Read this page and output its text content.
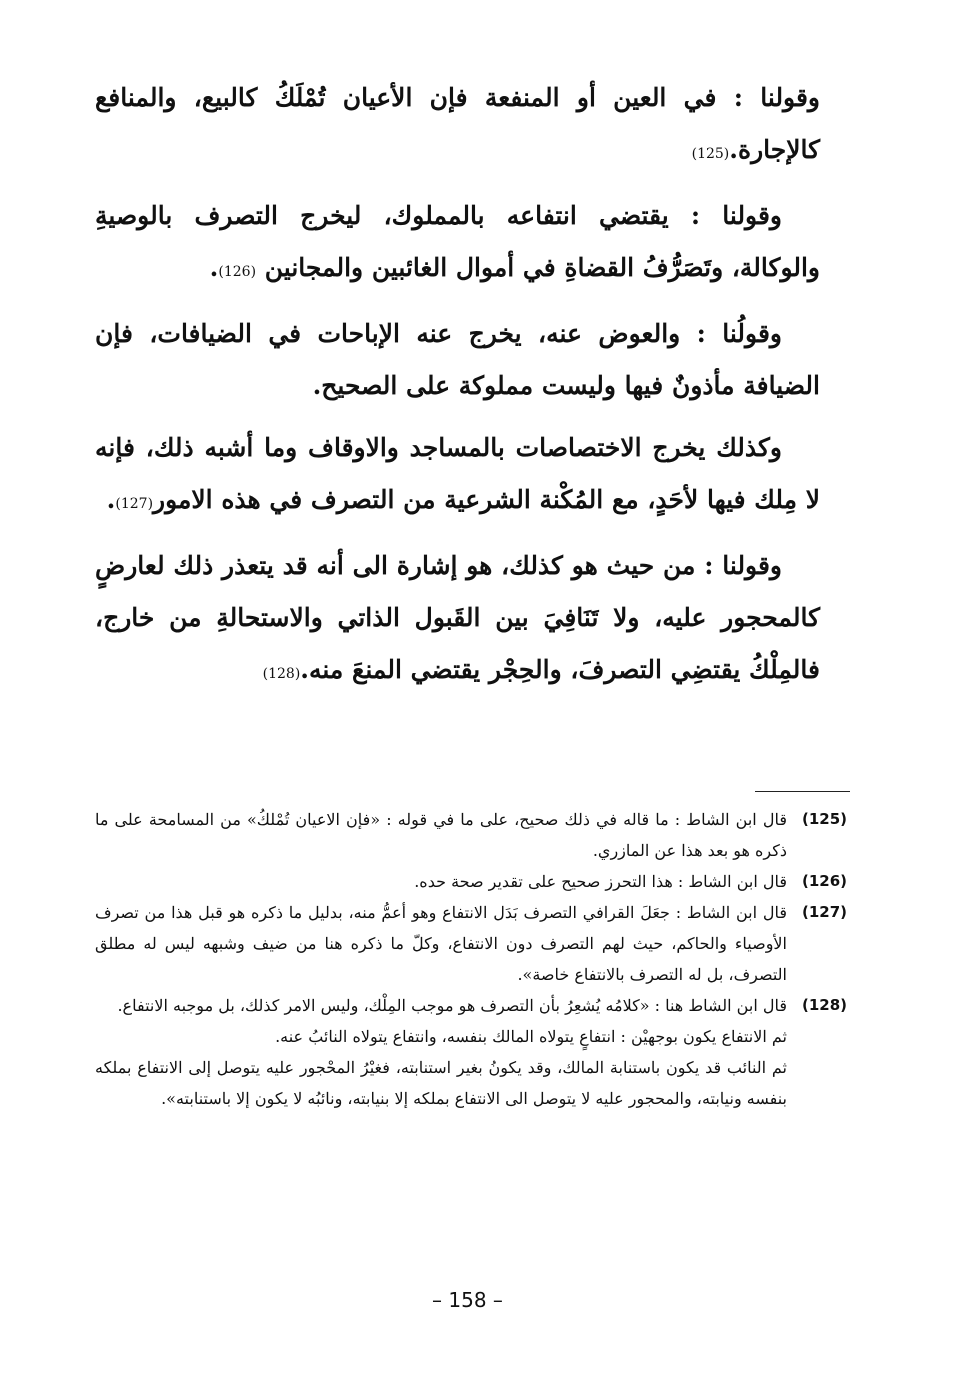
وقولنا : في العين أو المنفعة فإن الأعيان تُمْلَكُ كالبيع، والمنافع كالإجارة.(125)

وقولنا : يقتضي انتفاعه بالمملوك، ليخرج التصرف بالوصيةِ والوكالة، وتَصَرُّفُ القضاةِ في أموال الغائبين والمجانين (126).

وقولُنا : والعوض عنه، يخرج عنه الإباحات في الضيافات، فإن الضيافة مأذونٌ فيها وليست مملوكة على الصحيح.

وكذلك يخرج الاختصاصات بالمساجد والاوقاف وما أشبه ذلك، فإنه لا مِلك فيها لأحَدٍ، مع المُكْنة الشرعية من التصرف في هذه الامور(127).

وقولنا : من حيث هو كذلك، هو إشارة الى أنه قد يتعذر ذلك لعارضٍ كالمحجور عليه، ولا تَنَافِيَ بين القَبول الذاتي والاستحالةِ من خارج، فالمِلْكُ يقتضِي التصرفَ، والحِجْر يقتضي المنعَ منه.(128)

(125)
قال ابن الشاط : ما قاله في ذلك صحيح، على ما في قوله : «فإن الاعيان تُمْلكُ» من المسامحة على ما ذكره هو بعد هذا عن المازري.
(126)
قال ابن الشاط : هذا التحرز صحيح على تقدير صحة حده.
(127)
قال ابن الشاط : جعَلَ القرافي التصرف بَدَل الانتفاع وهو أعمُّ منه، بدليل ما ذكره هو قبل هذا من تصرف الأوصياء والحاكم، حيث لهم التصرف دون الانتفاع، وكلّ ما ذكره هنا من ضيف وشبهه ليس له مطلق التصرف، بل له التصرف بالانتفاع خاصة».
(128)
قال ابن الشاط هنا : «كلامُه يُشعِرُ بأن التصرف هو موجب المِلْك، وليس الامر كذلك، بل موجبه الانتفاع.
ثم الانتفاع يكون بوجهيْن : انتفاعٍ يتولاه المالك بنفسه، وانتفاع يتولاه النائبُ عنه.
ثم النائب قد يكون باستنابة المالك، وقد يكونُ بغير استنابته، فغيْرُ المحْجور عليه يتوصل إلى الانتفاع بملكه بنفسه ونيابته، والمحجور عليه لا يتوصل الى الانتفاع بملكه إلا بنيابته، ونائبُه لا يكون إلا باستنابته».
– 158 –
